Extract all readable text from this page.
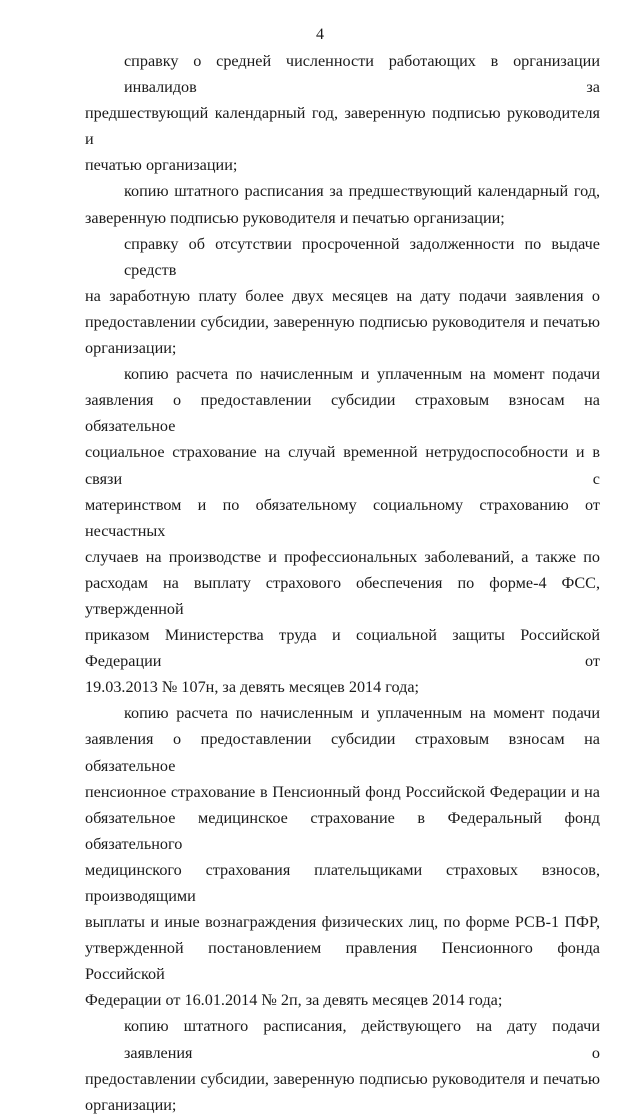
4
справку о средней численности работающих в организации инвалидов за
предшествующий календарный год, заверенную подписью руководителя и
печатью организации;
копию штатного расписания за предшествующий календарный год,
заверенную подписью руководителя и печатью организации;
справку об отсутствии просроченной задолженности по выдаче средств
на заработную плату более двух месяцев на дату подачи заявления о
предоставлении субсидии, заверенную подписью руководителя и печатью
организации;
копию расчета по начисленным и уплаченным на момент подачи
заявления о предоставлении субсидии страховым взносам на обязательное
социальное страхование на случай временной нетрудоспособности и в связи с
материнством и по обязательному социальному страхованию от несчастных
случаев на производстве и профессиональных заболеваний, а также по
расходам на выплату страхового обеспечения по форме-4 ФСС, утвержденной
приказом Министерства труда и социальной защиты Российской Федерации от
19.03.2013 № 107н, за девять месяцев 2014 года;
копию расчета по начисленным и уплаченным на момент подачи
заявления о предоставлении субсидии страховым взносам на обязательное
пенсионное страхование в Пенсионный фонд Российской Федерации и на
обязательное медицинское страхование в Федеральный фонд обязательного
медицинского страхования плательщиками страховых взносов, производящими
выплаты и иные вознаграждения физических лиц, по форме РСВ-1 ПФР,
утвержденной постановлением правления Пенсионного фонда Российской
Федерации от 16.01.2014 № 2п, за девять месяцев 2014 года;
копию штатного расписания, действующего на дату подачи заявления о
предоставлении субсидии, заверенную подписью руководителя и печатью
организации;
